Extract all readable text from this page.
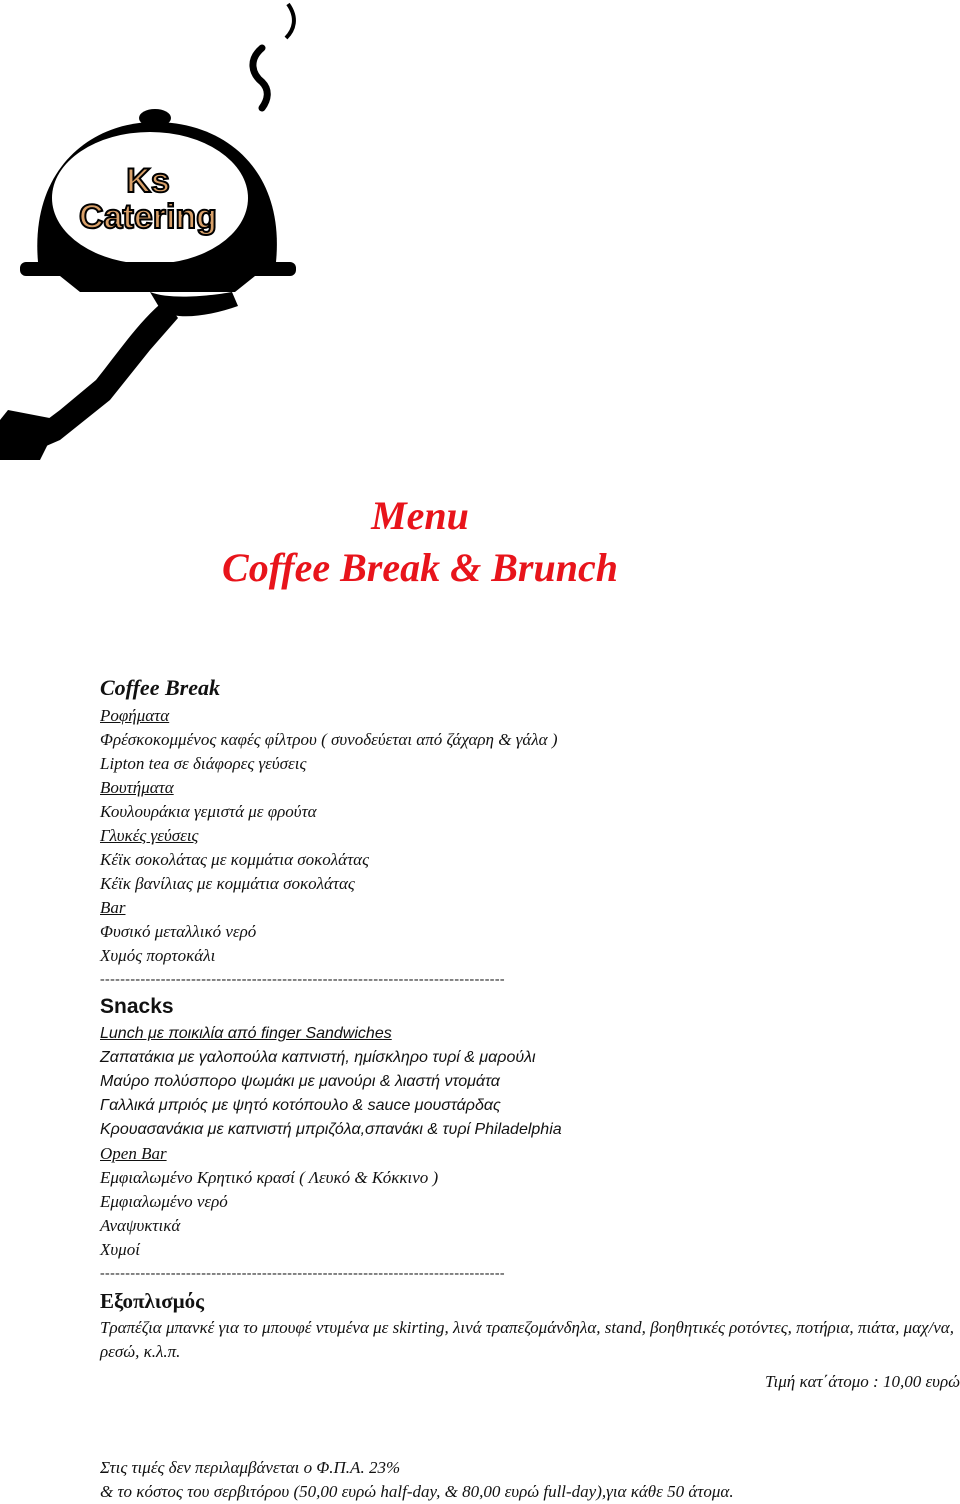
Ks
Catering
Menu
Coffee Break & Brunch
Coffee Break
Ροφήματα
Φρέσκοκομμένος καφές φίλτρου ( συνοδεύεται από ζάχαρη & γάλα )
Lipton tea σε διάφορες γεύσεις
Βουτήματα
Κουλουράκια γεμιστά με φρούτα
Γλυκές γεύσεις
Κέϊκ σοκολάτας με κομμάτια σοκολάτας
Κέϊκ βανίλιας με κομμάτια σοκολάτας
Bar
Φυσικό μεταλλικό νερό
Χυμός πορτοκάλι
--------------------------------------------------------------------------------
Snacks
Lunch με ποικιλία από finger Sandwiches
Ζαπατάκια με γαλοπούλα καπνιστή, ημίσκληρο τυρί & μαρούλι
Μαύρο πολύσπορο ψωμάκι με μανούρι & λιαστή ντομάτα
Γαλλικά μπριός με ψητό κοτόπουλο & sauce μουστάρδας
Κρουασανάκια με καπνιστή μπριζόλα,σπανάκι & τυρί Philadelphia
Open Bar
Εμφιαλωμένο Κρητικό κρασί ( Λευκό & Κόκκινο )
Εμφιαλωμένο νερό
Αναψυκτικά
Χυμοί
--------------------------------------------------------------------------------
Εξοπλισμός
Τραπέζια μπανκέ για το μπουφέ ντυμένα με skirting, λινά τραπεζομάνδηλα, stand, βοηθητικές ροτόντες, ποτήρια, πιάτα, μαχ/να, ρεσώ, κ.λ.π.
Τιμή κατ΄άτομο : 10,00 ευρώ
Στις τιμές δεν περιλαμβάνεται ο Φ.Π.Α. 23%
& το κόστος του σερβιτόρου (50,00 ευρώ half-day, & 80,00 ευρώ full-day),για κάθε 50 άτομα.
